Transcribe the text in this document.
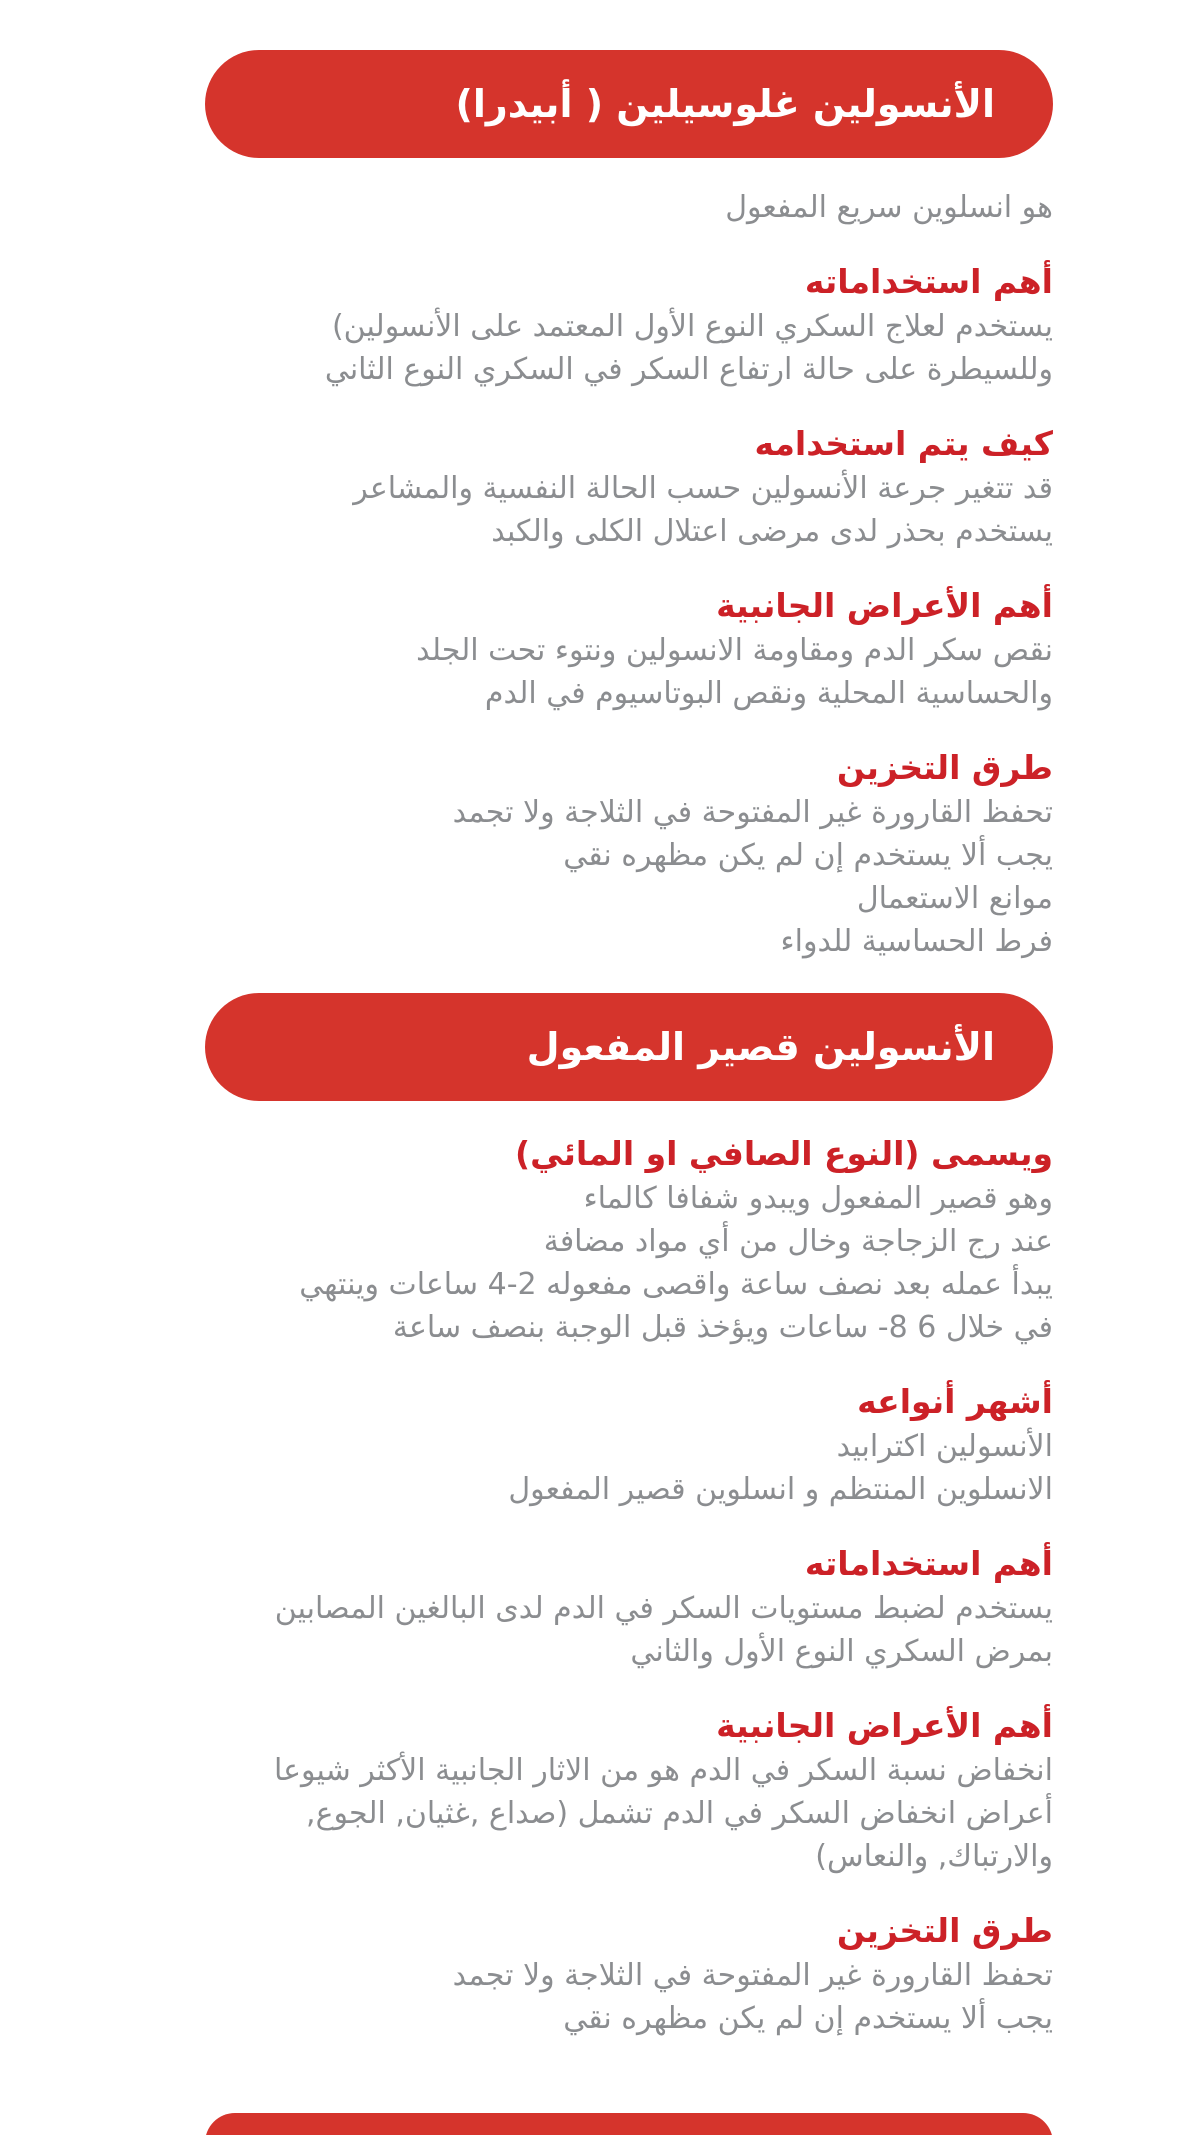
الأنسولين غلوسيلين ( أبيدرا)
هو انسلوين سريع المفعول
أهم استخداماته
يستخدم لعلاج السكري النوع الأول المعتمد على الأنسولين)
وللسيطرة على حالة ارتفاع السكر في السكري النوع الثاني
كيف يتم استخدامه
قد تتغير جرعة الأنسولين حسب الحالة النفسية والمشاعر
يستخدم بحذر لدى مرضى اعتلال الكلى والكبد
أهم الأعراض الجانبية
نقص سكر الدم ومقاومة الانسولين ونتوء تحت الجلد
والحساسية المحلية ونقص البوتاسيوم في الدم
طرق التخزين
تحفظ القارورة غير المفتوحة في الثلاجة ولا تجمد
يجب ألا يستخدم إن لم يكن مظهره نقي
موانع الاستعمال
فرط الحساسية للدواء
الأنسولين قصير المفعول
ويسمى (النوع الصافي او المائي)
وهو قصير المفعول ويبدو شفافا كالماء
عند رج الزجاجة وخال من أي مواد مضافة
يبدأ عمله بعد نصف ساعة واقصى مفعوله 2-4 ساعات وينتهي
في خلال 6 8- ساعات ويؤخذ قبل الوجبة بنصف ساعة
أشهر أنواعه
الأنسولين اكترابيد
الانسلوين المنتظم و انسلوين قصير المفعول
أهم استخداماته
يستخدم لضبط مستويات السكر في الدم لدى البالغين المصابين
بمرض السكري النوع الأول والثاني
أهم الأعراض الجانبية
انخفاض نسبة السكر في الدم هو من الاثار الجانبية الأكثر شيوعا
أعراض انخفاض السكر في الدم تشمل (صداع ,غثيان, الجوع,
والارتباك, والنعاس)
طرق التخزين
تحفظ القارورة غير المفتوحة في الثلاجة ولا تجمد
يجب ألا يستخدم إن لم يكن مظهره نقي
